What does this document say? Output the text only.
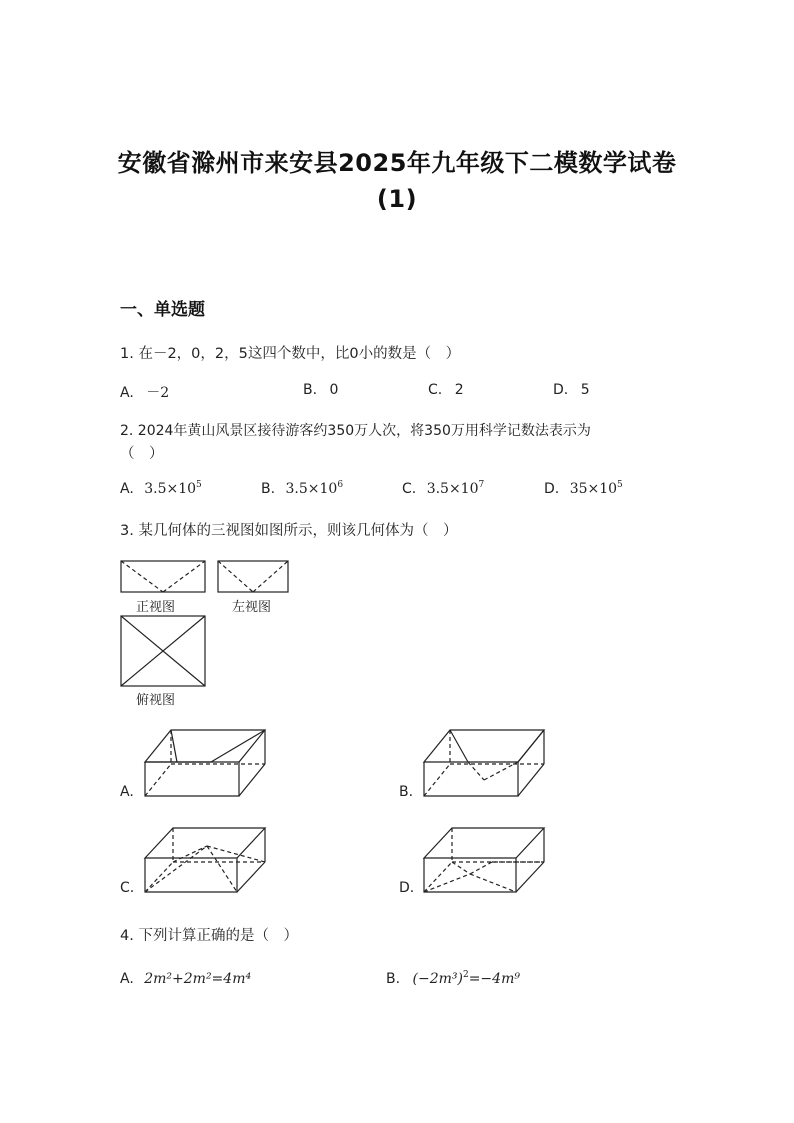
安徽省滁州市来安县2025年九年级下二模数学试卷
(1)
一、单选题
1. 在－2，0，2，5这四个数中，比0小的数是（　）
A. －2	B. 0	C. 2	D. 5
2. 2024年黄山风景区接待游客约350万人次，将350万用科学记数法表示为
（　）
A. $3.5\times 10^5$	B. $3.5\times 10^6$	C. $3.5\times 10^7$	D. $35\times 10^5$
3. 某几何体的三视图如图所示，则该几何体为（　）
正视图	左视图
俯视图
A.	B.
C.	D.
4. 下列计算正确的是（　）
A. 2m²+2m²=4m⁴	B. $(-2m^3)^2=-4m^9$
